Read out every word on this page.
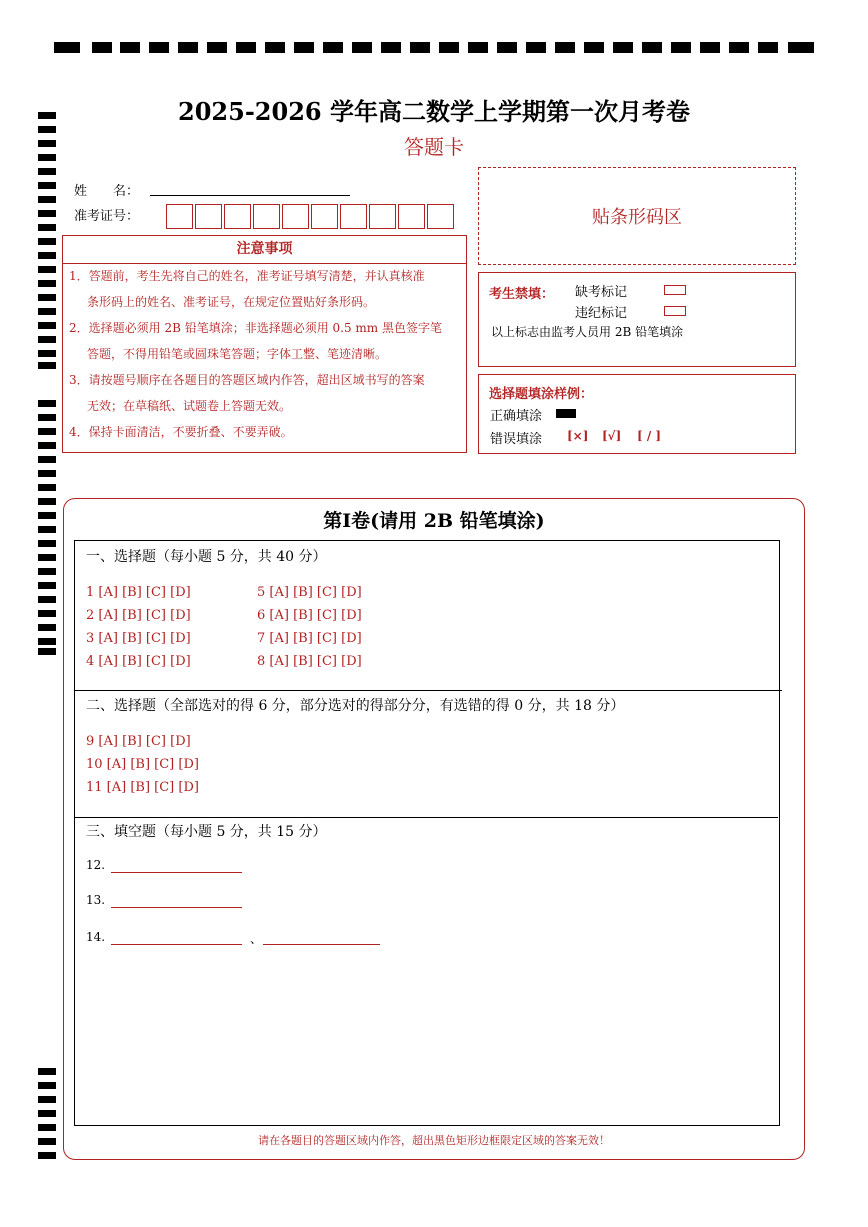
2025-2026 学年高二数学上学期第一次月考卷
答题卡
姓　　名：
准考证号：	贴条形码区
注意事项
1．答题前，考生先将自己的姓名，准考证号填写清楚，并认真核准
条形码上的姓名、准考证号，在规定位置贴好条形码。
2．选择题必须用 2B 铅笔填涂；非选择题必须用 0.5 mm 黑色签字笔
答题，不得用铅笔或圆珠笔答题；字体工整、笔迹清晰。
3．请按题号顺序在各题目的答题区域内作答，超出区域书写的答案
无效；在草稿纸、试题卷上答题无效。
4．保持卡面清洁，不要折叠、不要弄破。
考生禁填： 缺考标记
违纪标记
以上标志由监考人员用 2B 铅笔填涂
选择题填涂样例：
正确填涂
错误填涂 [×] [√] [ / ]
第Ⅰ卷(请用 2B 铅笔填涂)
一、选择题（每小题 5 分，共 40 分）
1 [A] [B] [C] [D]
2 [A] [B] [C] [D]
3 [A] [B] [C] [D]
4 [A] [B] [C] [D]
5 [A] [B] [C] [D]
6 [A] [B] [C] [D]
7 [A] [B] [C] [D]
8 [A] [B] [C] [D]
二、选择题（全部选对的得 6 分，部分选对的得部分分，有选错的得 0 分，共 18 分）
9 [A] [B] [C] [D]
10 [A] [B] [C] [D]
11 [A] [B] [C] [D]
三、填空题（每小题 5 分，共 15 分）
12.
13.
14.	、
请在各题目的答题区域内作答，超出黑色矩形边框限定区域的答案无效！
